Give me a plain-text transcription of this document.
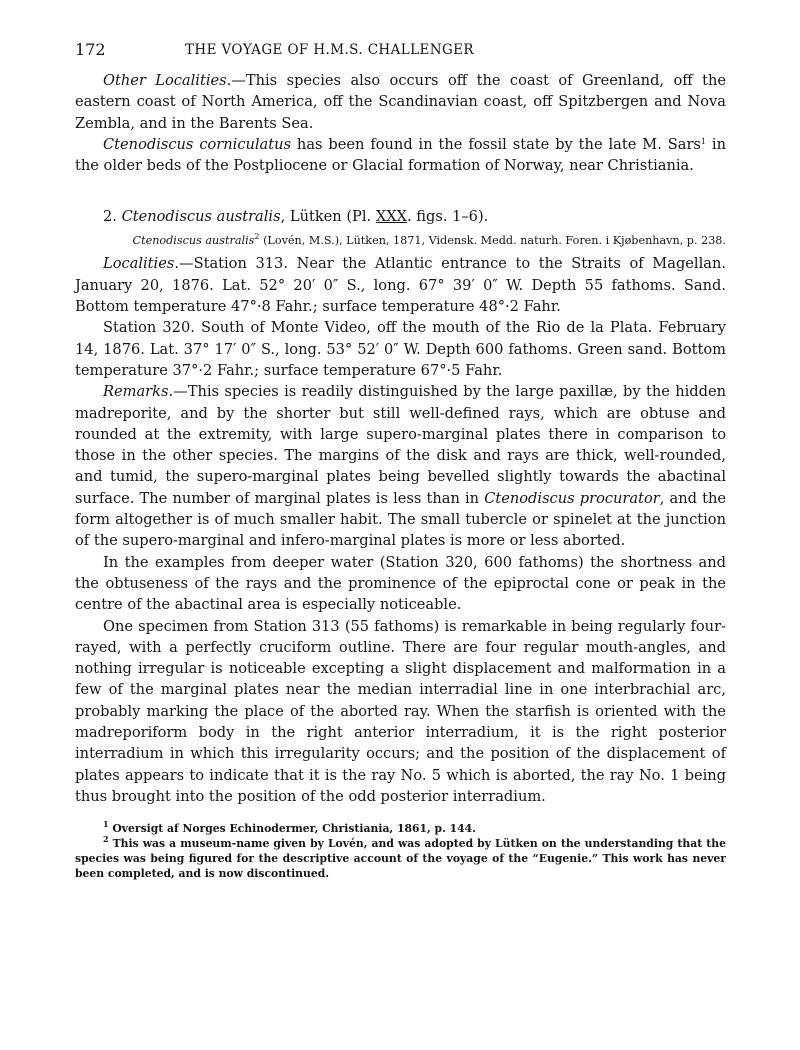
172	THE VOYAGE OF H.M.S. CHALLENGER

Other Localities.—This species also occurs off the coast of Greenland, off the eastern coast of North America, off the Scandinavian coast, off Spitzbergen and Nova Zembla, and in the Barents Sea.

Ctenodiscus corniculatus has been found in the fossil state by the late M. Sars$^1$ in the older beds of the Postpliocene or Glacial formation of Norway, near Christiania.

2. Ctenodiscus australis, Lütken (Pl. XXX. figs. 1–6).
Ctenodiscus australis$^2$ (Lovén, M.S.), Lütken, 1871, Vidensk. Medd. naturh. Foren. i Kjøbenhavn, p. 238.

Localities.—Station 313. Near the Atlantic entrance to the Straits of Magellan. January 20, 1876. Lat. 52° 20′ 0″ S., long. 67° 39′ 0″ W. Depth 55 fathoms. Sand. Bottom temperature 47°·8 Fahr.; surface temperature 48°·2 Fahr.

Station 320. South of Monte Video, off the mouth of the Rio de la Plata. February 14, 1876. Lat. 37° 17′ 0″ S., long. 53° 52′ 0″ W. Depth 600 fathoms. Green sand. Bottom temperature 37°·2 Fahr.; surface temperature 67°·5 Fahr.

Remarks.—This species is readily distinguished by the large paxillæ, by the hidden madreporite, and by the shorter but still well-defined rays, which are obtuse and rounded at the extremity, with large supero-marginal plates there in comparison to those in the other species. The margins of the disk and rays are thick, well-rounded, and tumid, the supero-marginal plates being bevelled slightly towards the abactinal surface. The number of marginal plates is less than in Ctenodiscus procurator, and the form altogether is of much smaller habit. The small tubercle or spinelet at the junction of the supero-marginal and infero-marginal plates is more or less aborted.

In the examples from deeper water (Station 320, 600 fathoms) the shortness and the obtuseness of the rays and the prominence of the epiproctal cone or peak in the centre of the abactinal area is especially noticeable.

One specimen from Station 313 (55 fathoms) is remarkable in being regularly four-rayed, with a perfectly cruciform outline. There are four regular mouth-angles, and nothing irregular is noticeable excepting a slight displacement and malformation in a few of the marginal plates near the median interradial line in one interbrachial arc, probably marking the place of the aborted ray. When the starfish is oriented with the madreporiform body in the right anterior interradium, it is the right posterior interradium in which this irregularity occurs; and the position of the displacement of plates appears to indicate that it is the ray No. 5 which is aborted, the ray No. 1 being thus brought into the position of the odd posterior interradium.

$^1$ Oversigt af Norges Echinodermer, Christiania, 1861, p. 144.

$^2$ This was a museum-name given by Lovén, and was adopted by Lütken on the understanding that the species was being figured for the descriptive account of the voyage of the “Eugenie.” This work has never been completed, and is now discontinued.
